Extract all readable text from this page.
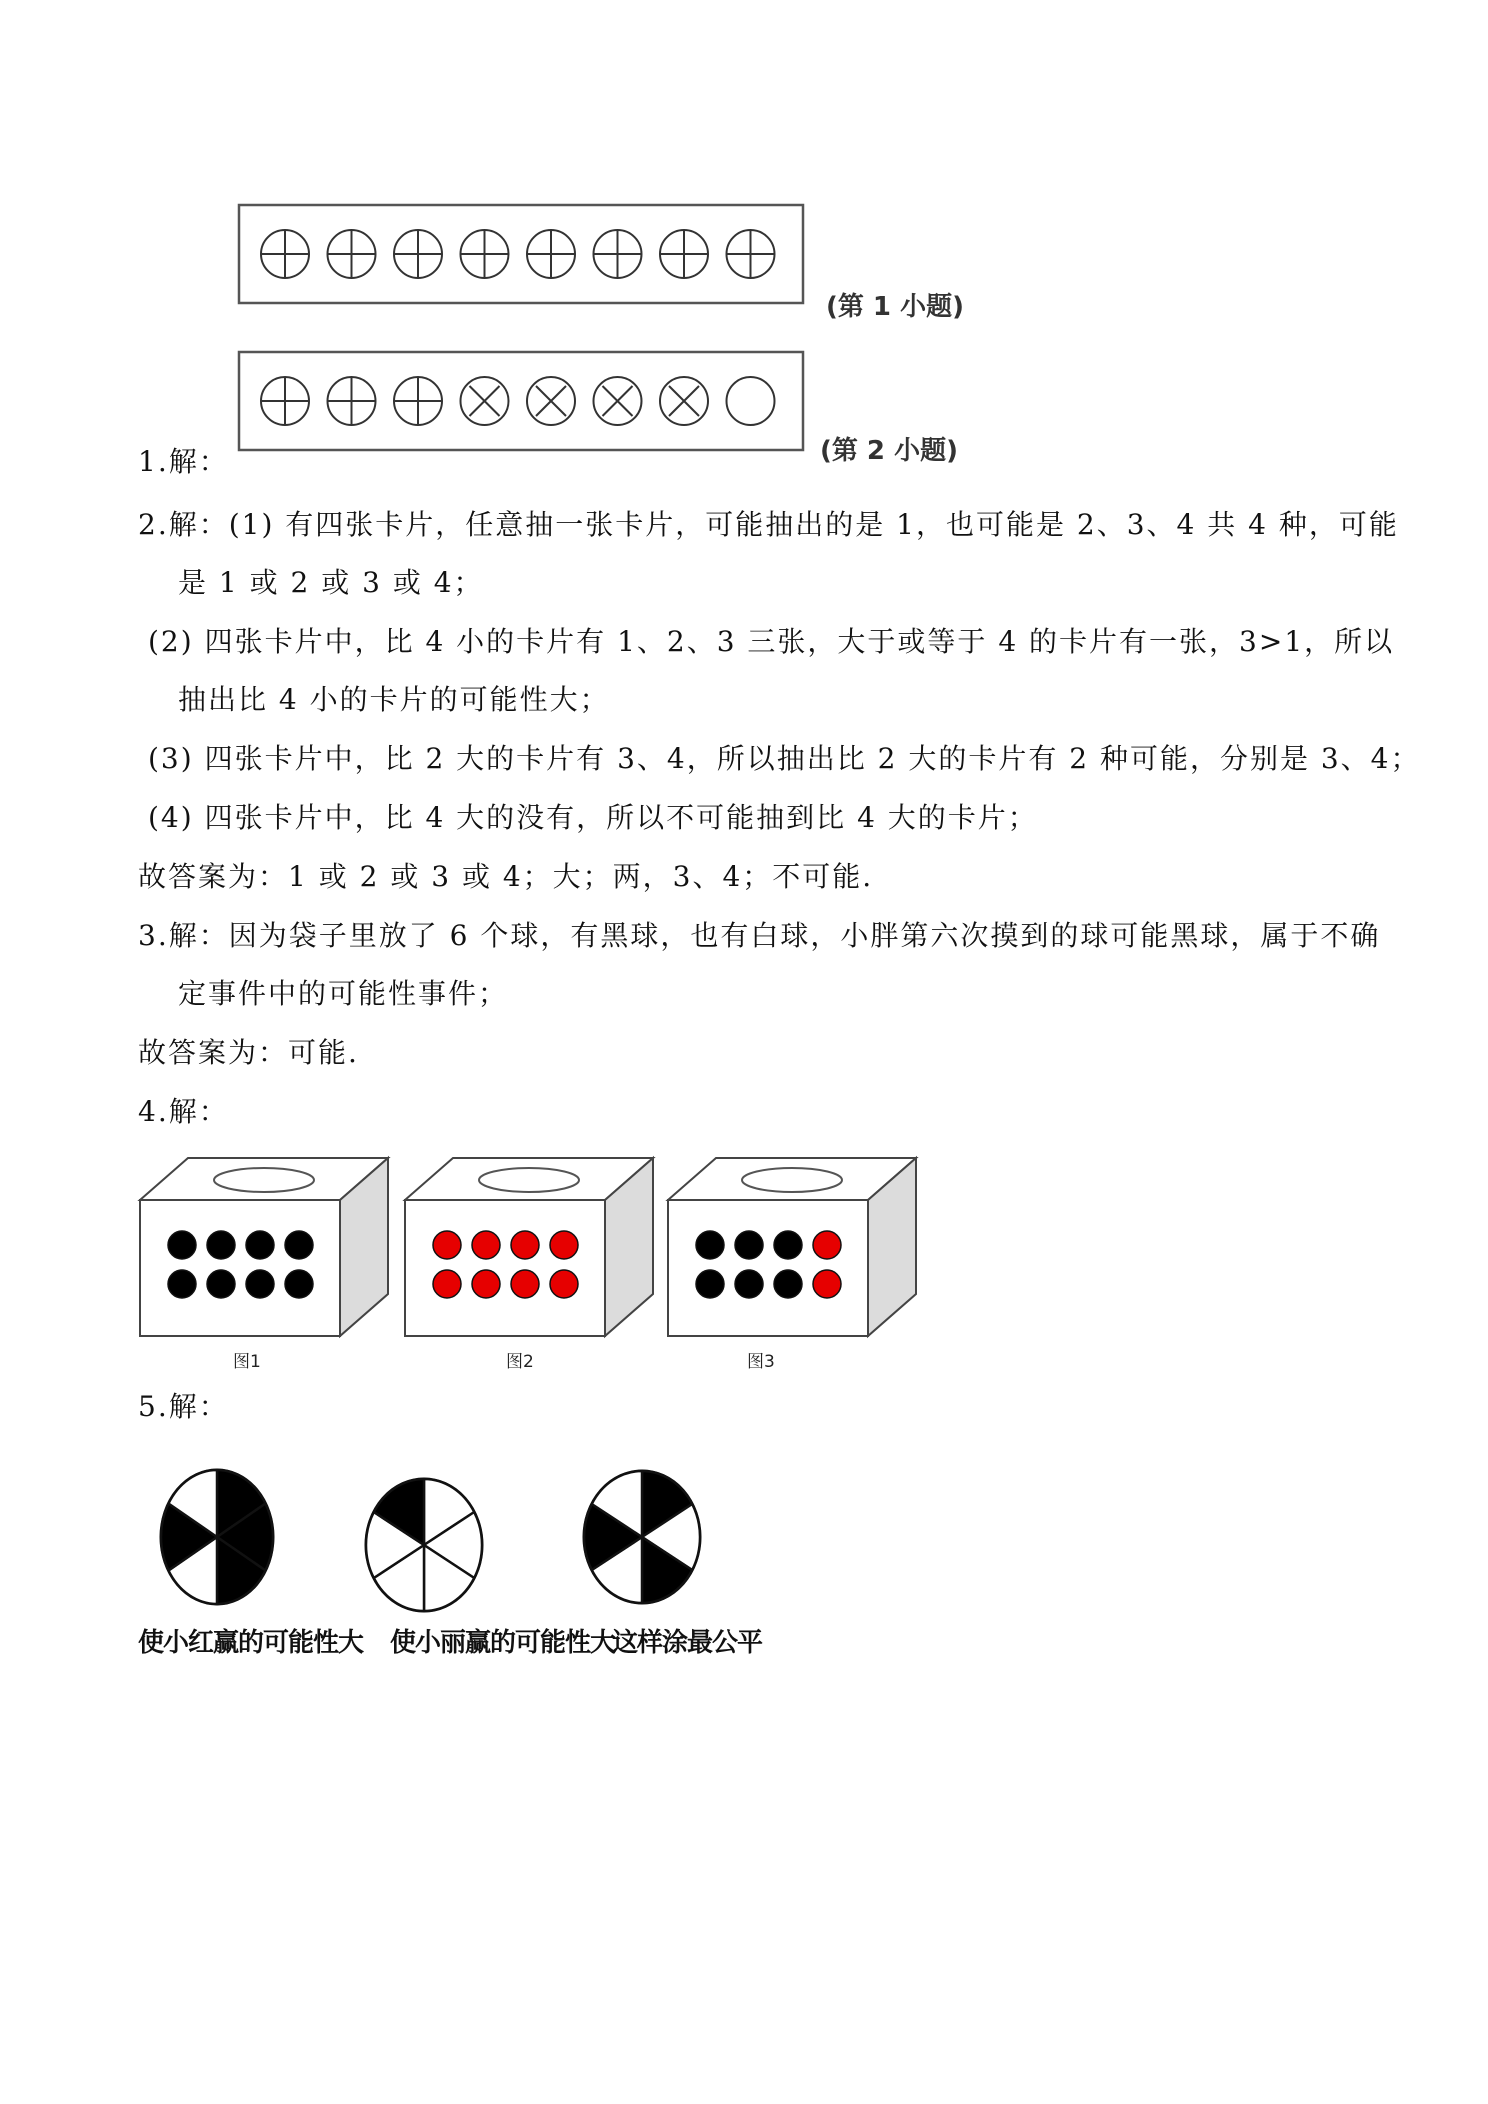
(第 1 小题)
(第 2 小题)
1.解：
2.解：(1) 有四张卡片，任意抽一张卡片，可能抽出的是 1，也可能是 2、3、4 共 4 种，可能
是 1 或 2 或 3 或 4；
(2) 四张卡片中，比 4 小的卡片有 1、2、3 三张，大于或等于 4 的卡片有一张，3>1，所以
抽出比 4 小的卡片的可能性大；
(3) 四张卡片中，比 2 大的卡片有 3、4，所以抽出比 2 大的卡片有 2 种可能，分别是 3、4；
(4) 四张卡片中，比 4 大的没有，所以不可能抽到比 4 大的卡片；
故答案为：1 或 2 或 3 或 4；大；两，3、4；不可能.
3.解：因为袋子里放了 6 个球，有黑球，也有白球，小胖第六次摸到的球可能黑球，属于不确
定事件中的可能性事件；
故答案为：可能.
4.解：
图1	图2	图3
5.解：
使小红赢的可能性大 使小丽赢的可能性大
这样涂最公平
